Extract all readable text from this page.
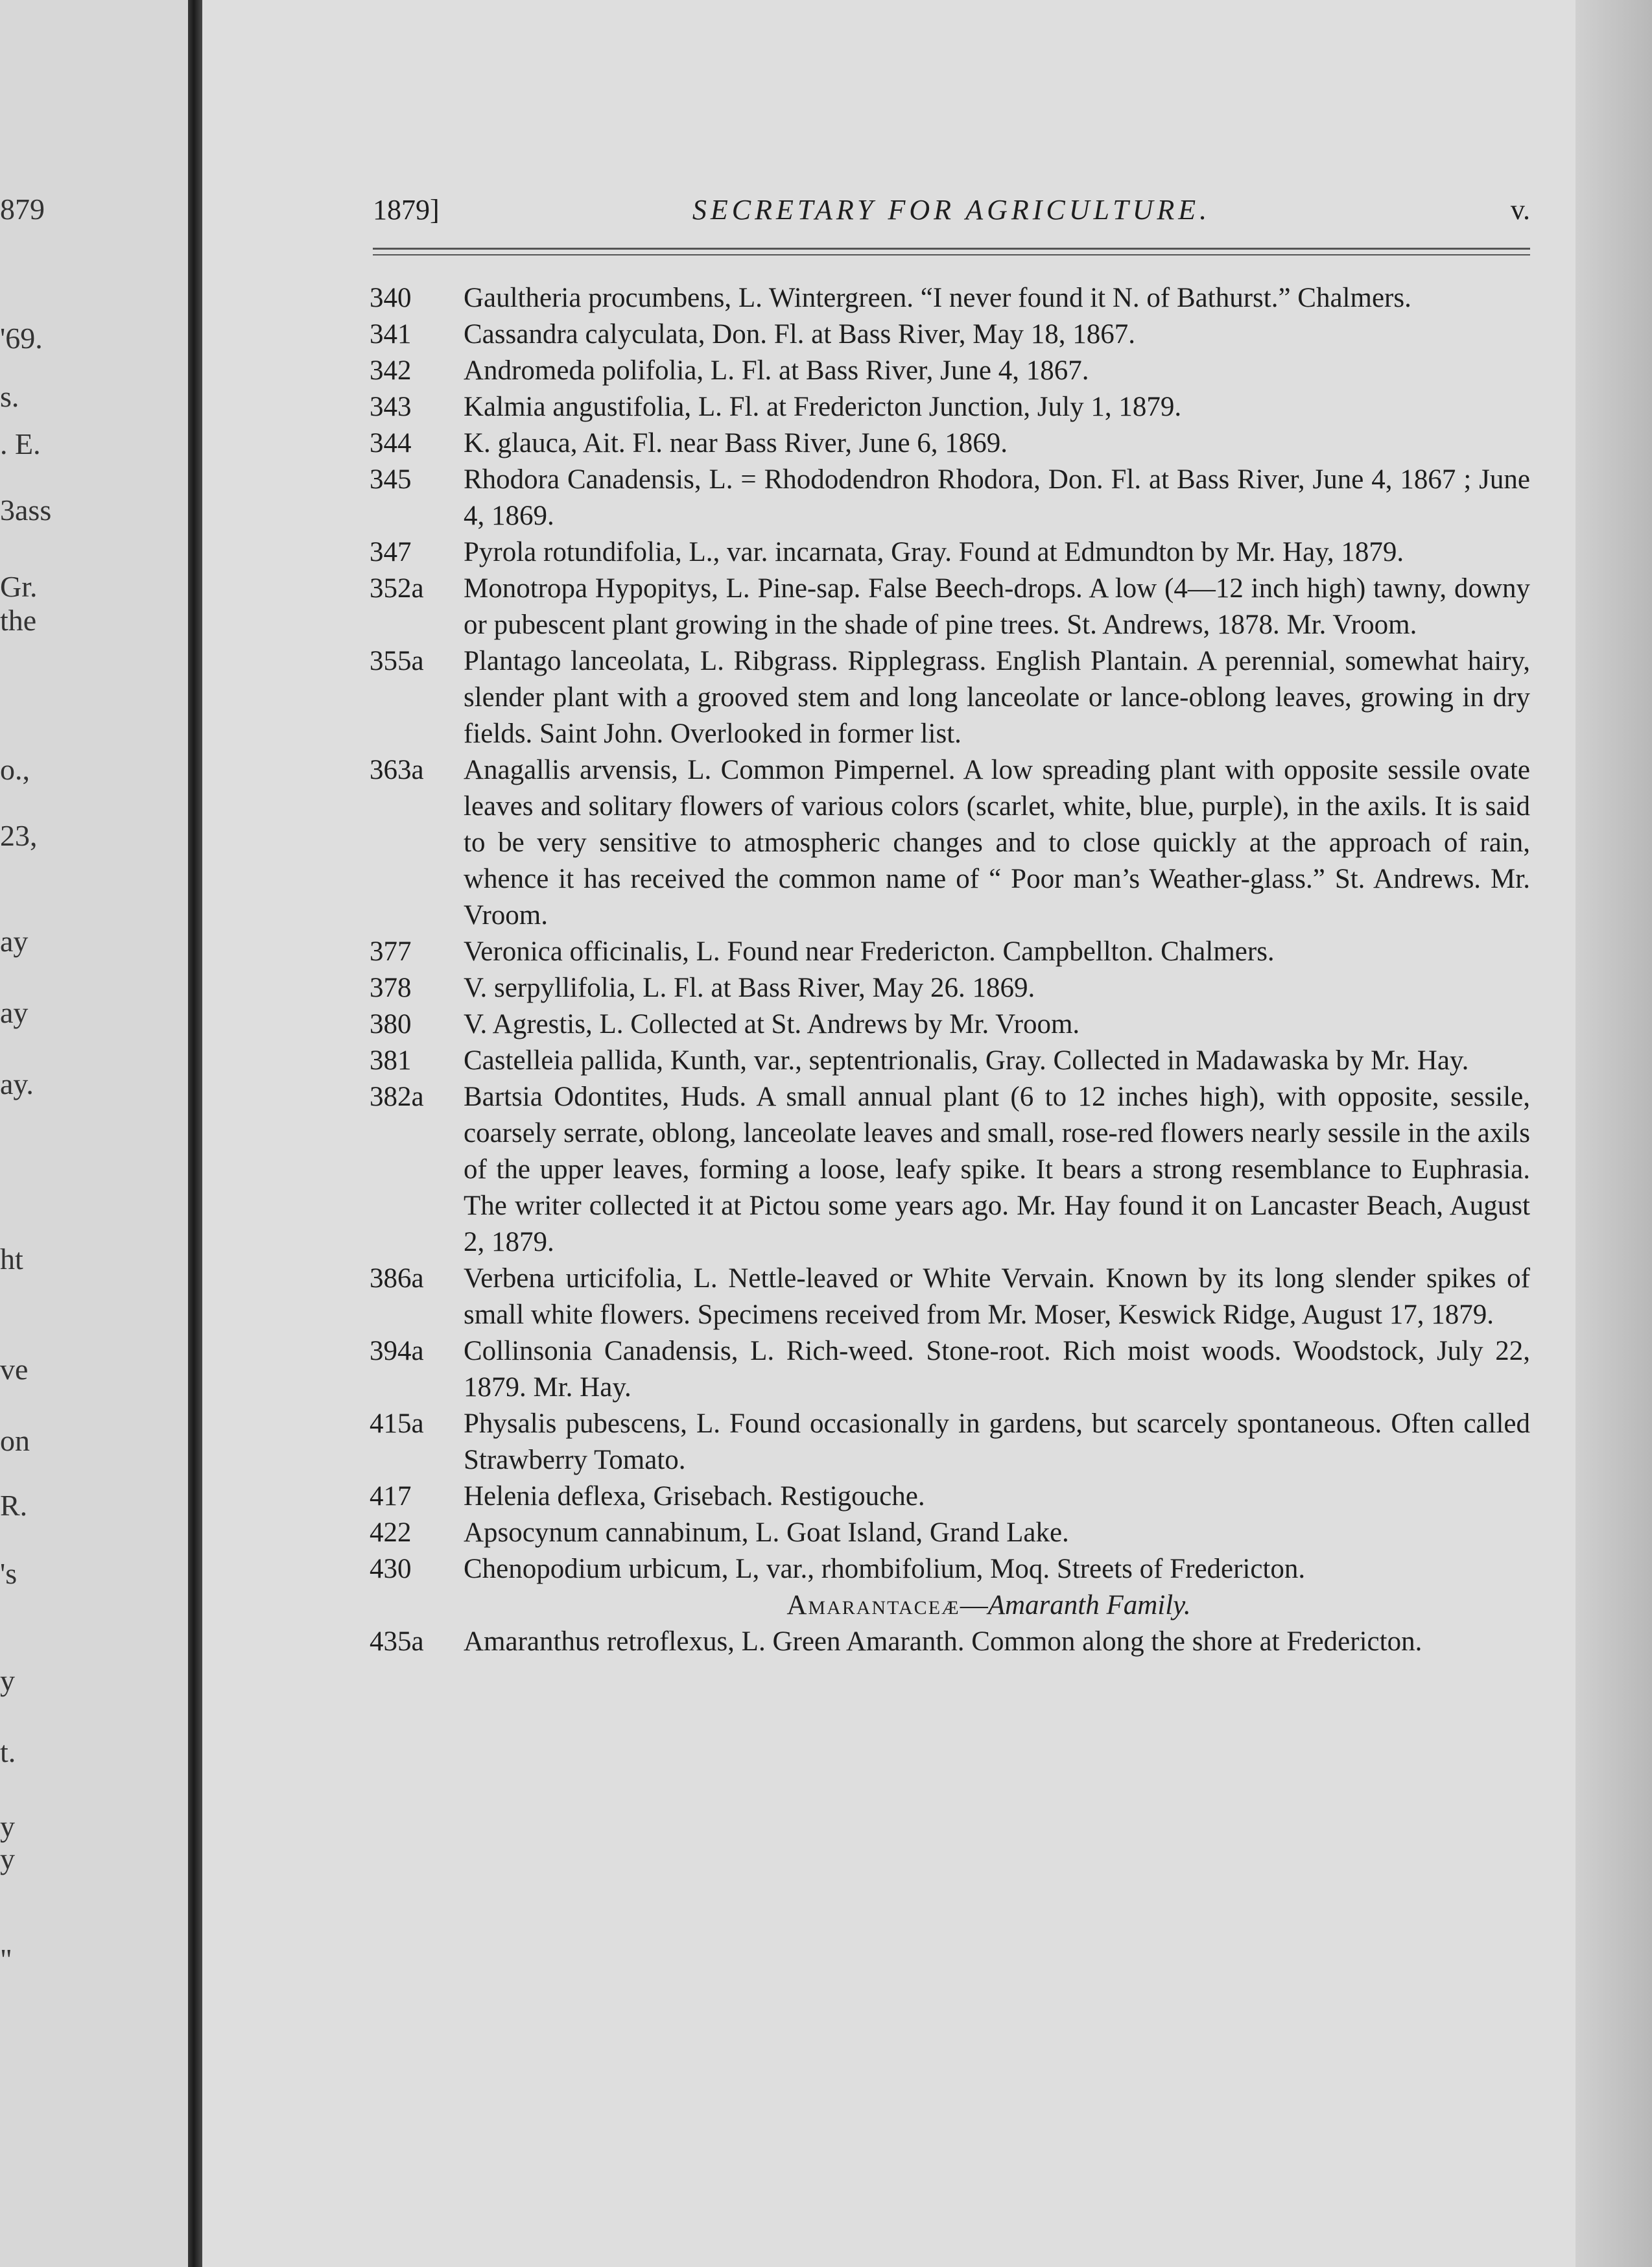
879
'69.
s.
. E.
3ass
Gr.
the
o.,
23,
ay
ay
ay.
ht
ve
on
R.
's
y
t.
y
y
"
1879]	SECRETARY FOR AGRICULTURE.	v.
340	Gaultheria procumbens, L. Wintergreen. “I never found it N. of Bathurst.” Chalmers.
341	Cassandra calyculata, Don. Fl. at Bass River, May 18, 1867.
342	Andromeda polifolia, L. Fl. at Bass River, June 4, 1867.
343	Kalmia angustifolia, L. Fl. at Fredericton Junction, July 1, 1879.
344	K. glauca, Ait. Fl. near Bass River, June 6, 1869.
345	Rhodora Canadensis, L. = Rhododendron Rhodora, Don. Fl. at Bass River, June 4, 1867 ; June 4, 1869.
347	Pyrola rotundifolia, L., var. incarnata, Gray. Found at Edmundton by Mr. Hay, 1879.
352a	Monotropa Hypopitys, L. Pine-sap. False Beech-drops. A low (4—12 inch high) tawny, downy or pubescent plant growing in the shade of pine trees. St. Andrews, 1878. Mr. Vroom.
355a	Plantago lanceolata, L. Ribgrass. Ripplegrass. English Plantain. A perennial, somewhat hairy, slender plant with a grooved stem and long lanceolate or lance-oblong leaves, growing in dry fields. Saint John. Overlooked in former list.
363a	Anagallis arvensis, L. Common Pimpernel. A low spreading plant with opposite sessile ovate leaves and solitary flowers of various colors (scarlet, white, blue, purple), in the axils. It is said to be very sensitive to atmospheric changes and to close quickly at the approach of rain, whence it has received the common name of “ Poor man’s Weather-glass.” St. Andrews. Mr. Vroom.
377	Veronica officinalis, L. Found near Fredericton. Campbellton. Chalmers.
378	V. serpyllifolia, L. Fl. at Bass River, May 26. 1869.
380	V. Agrestis, L. Collected at St. Andrews by Mr. Vroom.
381	Castelleia pallida, Kunth, var., septentrionalis, Gray. Collected in Madawaska by Mr. Hay.
382a	Bartsia Odontites, Huds. A small annual plant (6 to 12 inches high), with opposite, sessile, coarsely serrate, oblong, lanceolate leaves and small, rose-red flowers nearly sessile in the axils of the upper leaves, forming a loose, leafy spike. It bears a strong resemblance to Euphrasia. The writer collected it at Pictou some years ago. Mr. Hay found it on Lancaster Beach, August 2, 1879.
386a	Verbena urticifolia, L. Nettle-leaved or White Vervain. Known by its long slender spikes of small white flowers. Specimens received from Mr. Moser, Keswick Ridge, August 17, 1879.
394a	Collinsonia Canadensis, L. Rich-weed. Stone-root. Rich moist woods. Woodstock, July 22, 1879. Mr. Hay.
415a	Physalis pubescens, L. Found occasionally in gardens, but scarcely spontaneous. Often called Strawberry Tomato.
417	Helenia deflexa, Grisebach. Restigouche.
422	Apsocynum cannabinum, L. Goat Island, Grand Lake.
430	Chenopodium urbicum, L, var., rhombifolium, Moq. Streets of Fredericton.
Amarantaceæ—Amaranth Family.
435a	Amaranthus retroflexus, L. Green Amaranth. Common along the shore at Fredericton.
